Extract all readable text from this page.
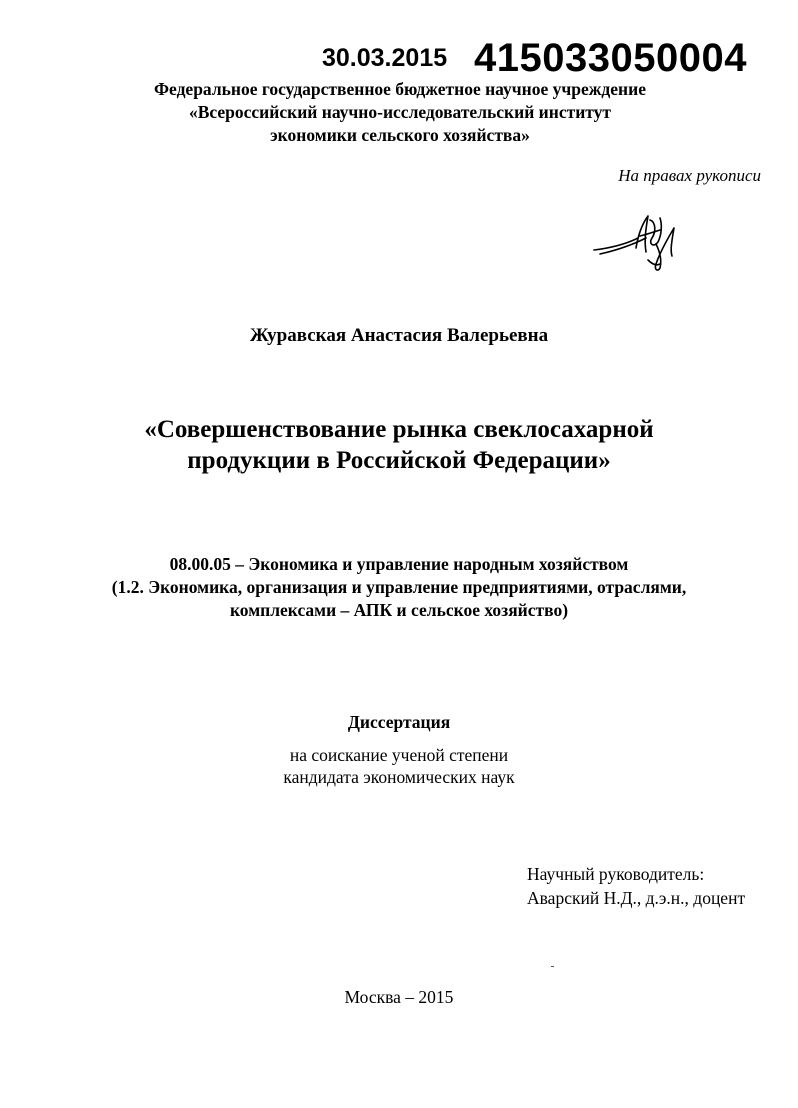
30.03.2015 415033050004
Федеральное государственное бюджетное научное учреждение
«Всероссийский научно-исследовательский институт
экономики сельского хозяйства»
На правах рукописи
Журавская Анастасия Валерьевна
«Совершенствование рынка свеклосахарной
продукции в Российской Федерации»
08.00.05 – Экономика и управление народным хозяйством
(1.2. Экономика, организация и управление предприятиями, отраслями,
комплексами – АПК и сельское хозяйство)
Диссертация
на соискание ученой степени
кандидата экономических наук
Научный руководитель:
Аварский Н.Д., д.э.н., доцент
Москва – 2015
